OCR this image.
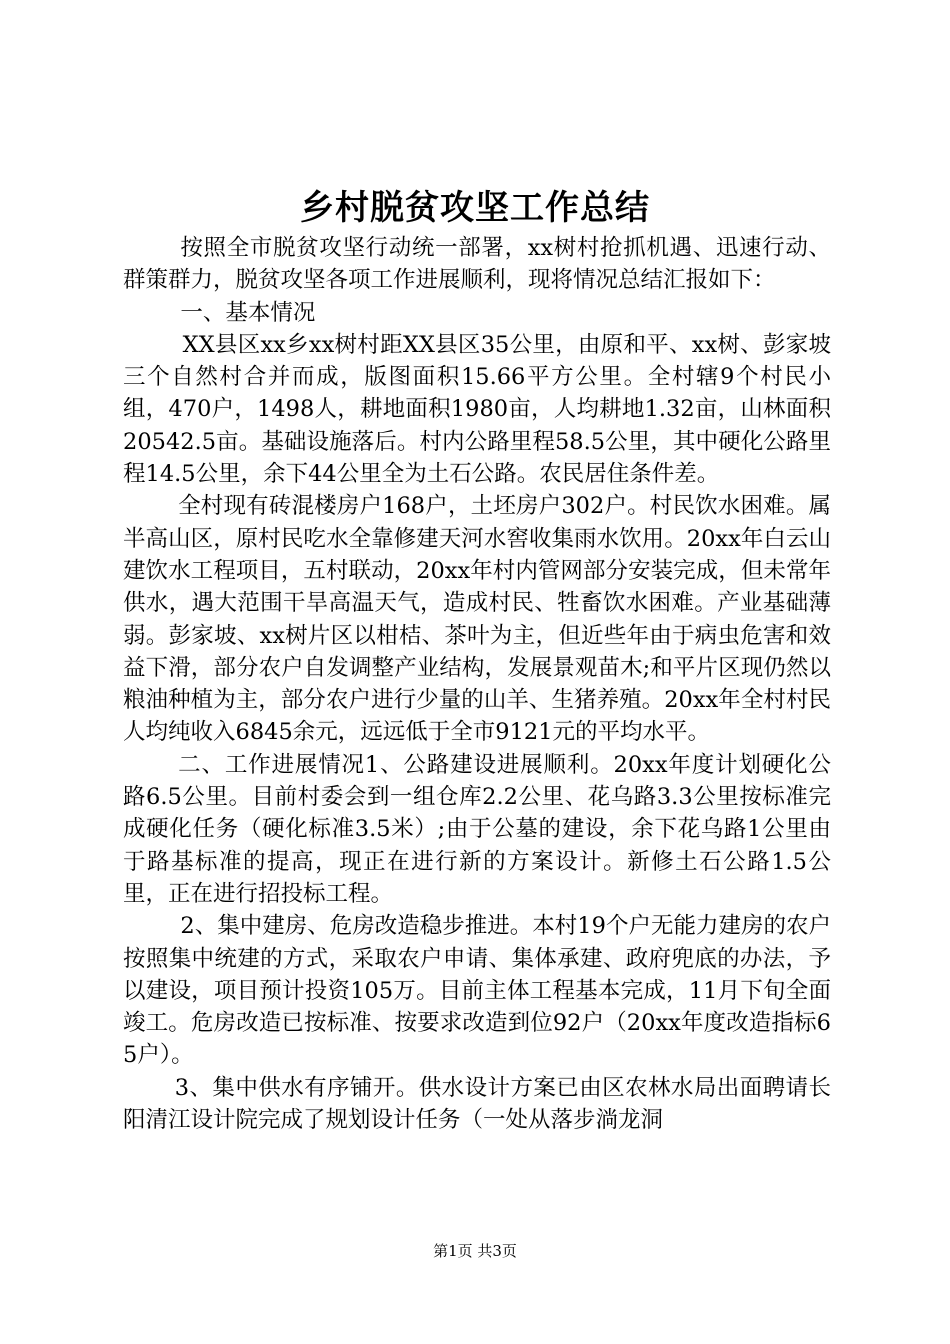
乡村脱贫攻坚工作总结

按照全市脱贫攻坚行动统一部署，xx树村抢抓机遇、迅速行动、群策群力，脱贫攻坚各项工作进展顺利，现将情况总结汇报如下：

一、基本情况

XX县区xx乡xx树村距XX县区35公里，由原和平、xx树、彭家坡三个自然村合并而成，版图面积15.66平方公里。全村辖9个村民小组，470户，1498人，耕地面积1980亩，人均耕地1.32亩，山林面积20542.5亩。基础设施落后。村内公路里程58.5公里，其中硬化公路里程14.5公里，余下44公里全为土石公路。农民居住条件差。

全村现有砖混楼房户168户，土坯房户302户。村民饮水困难。属半高山区，原村民吃水全靠修建天河水窖收集雨水饮用。20xx年白云山建饮水工程项目，五村联动，20xx年村内管网部分安装完成，但未常年供水，遇大范围干旱高温天气，造成村民、牲畜饮水困难。产业基础薄弱。彭家坡、xx树片区以柑桔、茶叶为主，但近些年由于病虫危害和效益下滑，部分农户自发调整产业结构，发展景观苗木;和平片区现仍然以粮油种植为主，部分农户进行少量的山羊、生猪养殖。20xx年全村村民人均纯收入6845余元，远远低于全市9121元的平均水平。

二、工作进展情况1、公路建设进展顺利。20xx年度计划硬化公路6.5公里。目前村委会到一组仓库2.2公里、花乌路3.3公里按标准完成硬化任务（硬化标准3.5米）;由于公墓的建设，余下花乌路1公里由于路基标准的提高，现正在进行新的方案设计。新修土石公路1.5公里，正在进行招投标工程。

2、集中建房、危房改造稳步推进。本村19个户无能力建房的农户按照集中统建的方式，采取农户申请、集体承建、政府兜底的办法，予以建设，项目预计投资105万。目前主体工程基本完成，11月下旬全面竣工。危房改造已按标准、按要求改造到位92户（20xx年度改造指标65户）。

3、集中供水有序铺开。供水设计方案已由区农林水局出面聘请长阳清江设计院完成了规划设计任务（一处从落步淌龙洞

第1页 共3页
